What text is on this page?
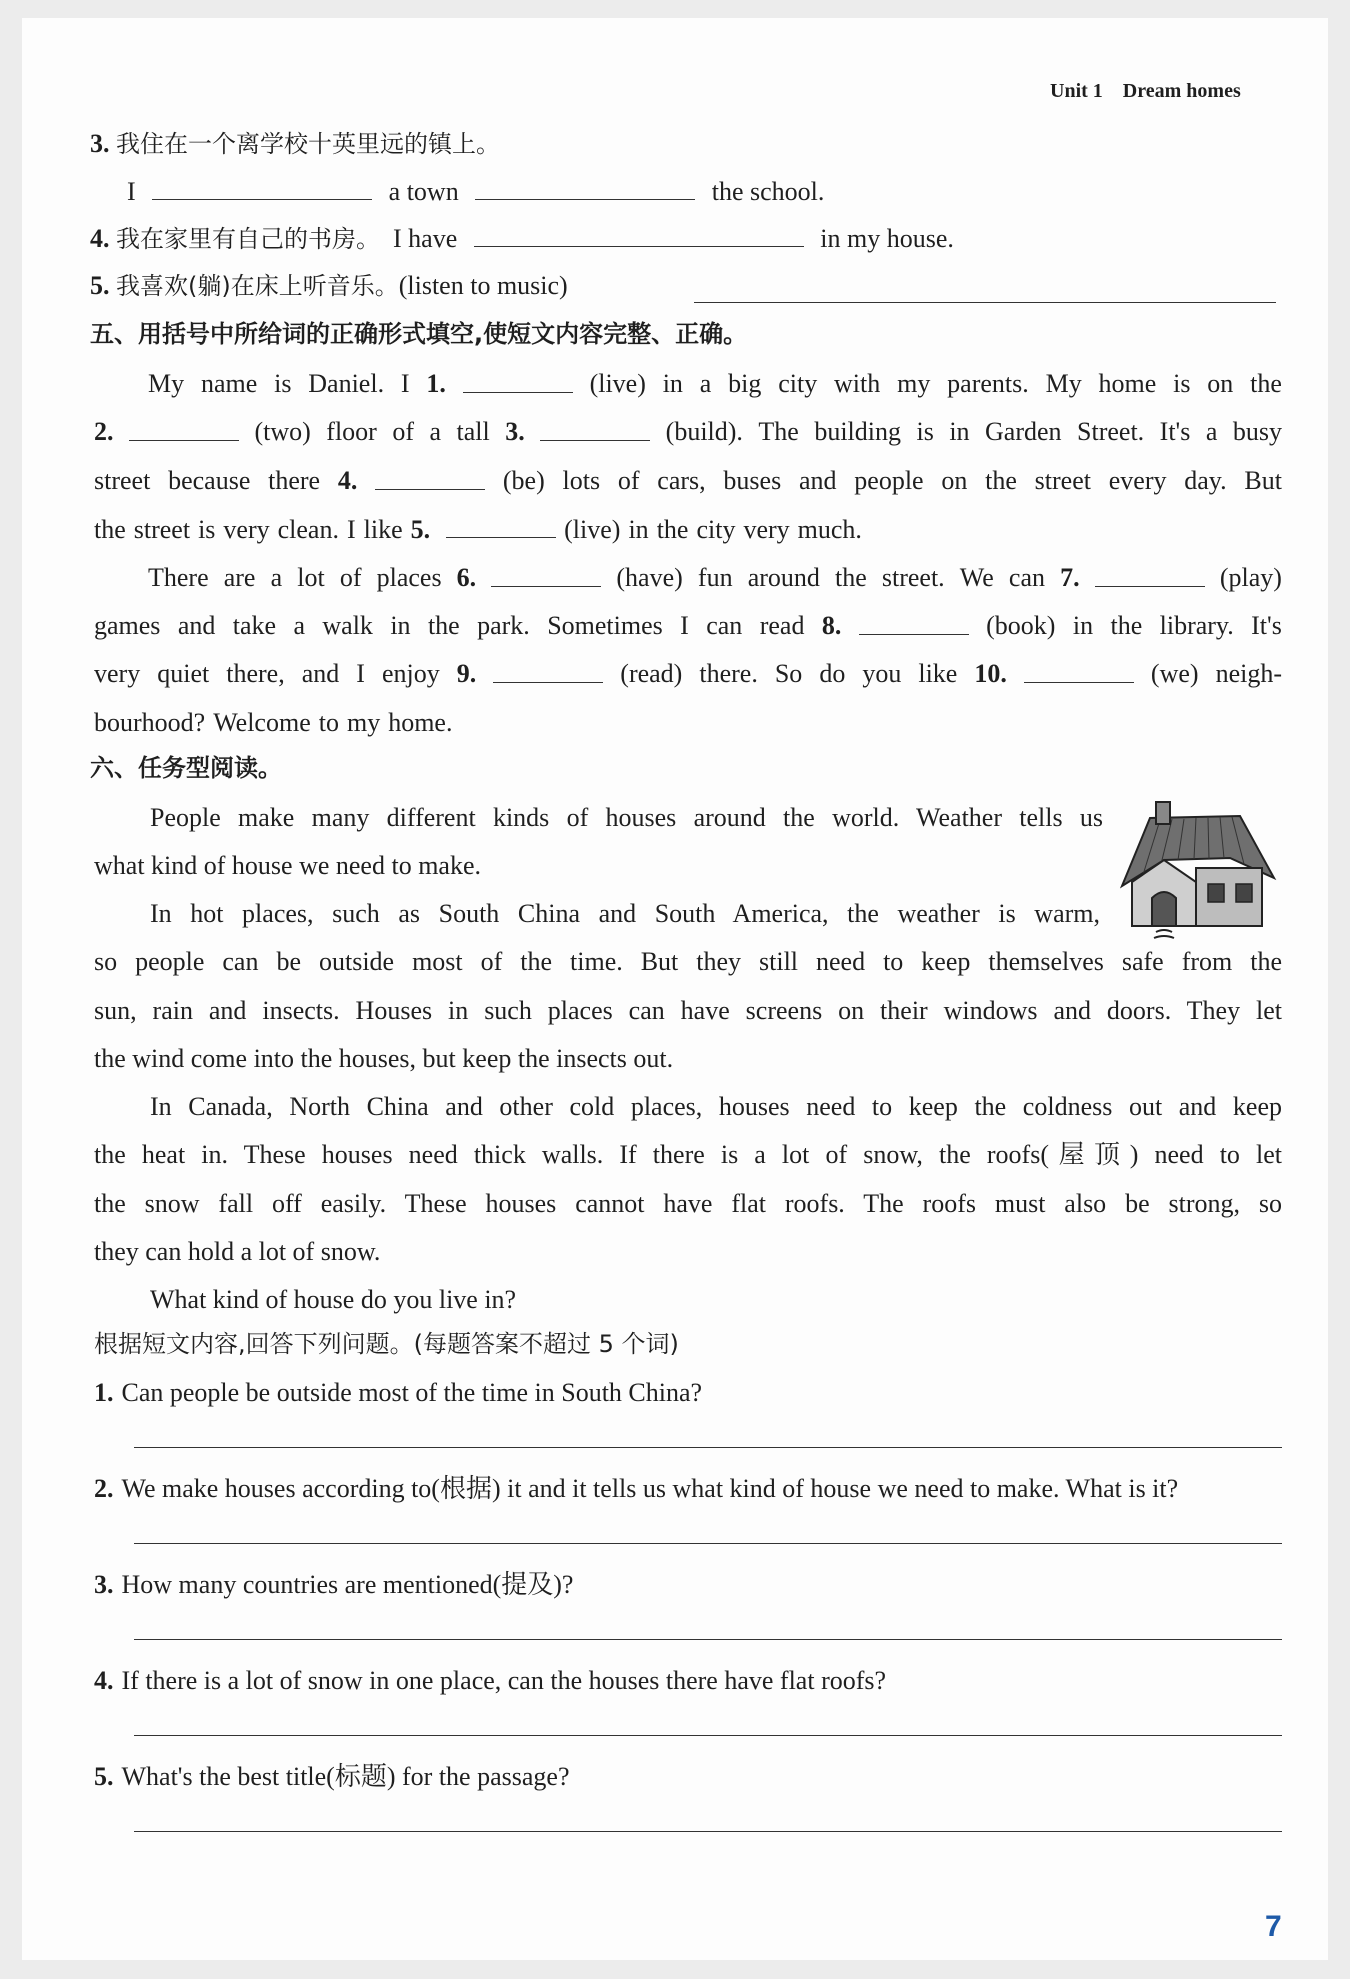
Unit 1 Dream homes
3. 我住在一个离学校十英里远的镇上。
I	a town	the school.
4. 我在家里有自己的书房。 I have	in my house.
5. 我喜欢(躺)在床上听音乐。(listen to music)
五、用括号中所给词的正确形式填空,使短文内容完整、正确。
My name is Daniel. I 1.	(live) in a big city with my parents. My home is on the
2.	(two) floor of a tall 3.	(build). The building is in Garden Street. It's a busy
street because there 4.	(be) lots of cars, buses and people on the street every day. But
the street is very clean. I like 5.	(live) in the city very much.
There are a lot of places 6.	(have) fun around the street. We can 7.	(play)
games and take a walk in the park. Sometimes I can read 8.	(book) in the library. It's
very quiet there, and I enjoy 9.	(read) there. So do you like 10.	(we) neigh-
bourhood? Welcome to my home.
六、任务型阅读。
People make many different kinds of houses around the world. Weather tells us
what kind of house we need to make.
In hot places, such as South China and South America, the weather is warm,
so people can be outside most of the time. But they still need to keep themselves safe from the
sun, rain and insects. Houses in such places can have screens on their windows and doors. They let
the wind come into the houses, but keep the insects out.
In Canada, North China and other cold places, houses need to keep the coldness out and keep
the heat in. These houses need thick walls. If there is a lot of snow, the roofs(屋顶) need to let
the snow fall off easily. These houses cannot have flat roofs. The roofs must also be strong, so
they can hold a lot of snow.
What kind of house do you live in?
根据短文内容,回答下列问题。(每题答案不超过 5 个词)
1. Can people be outside most of the time in South China?
2. We make houses according to(根据) it and it tells us what kind of house we need to make. What is it?
3. How many countries are mentioned(提及)?
4. If there is a lot of snow in one place, can the houses there have flat roofs?
5. What's the best title(标题) for the passage?
7
